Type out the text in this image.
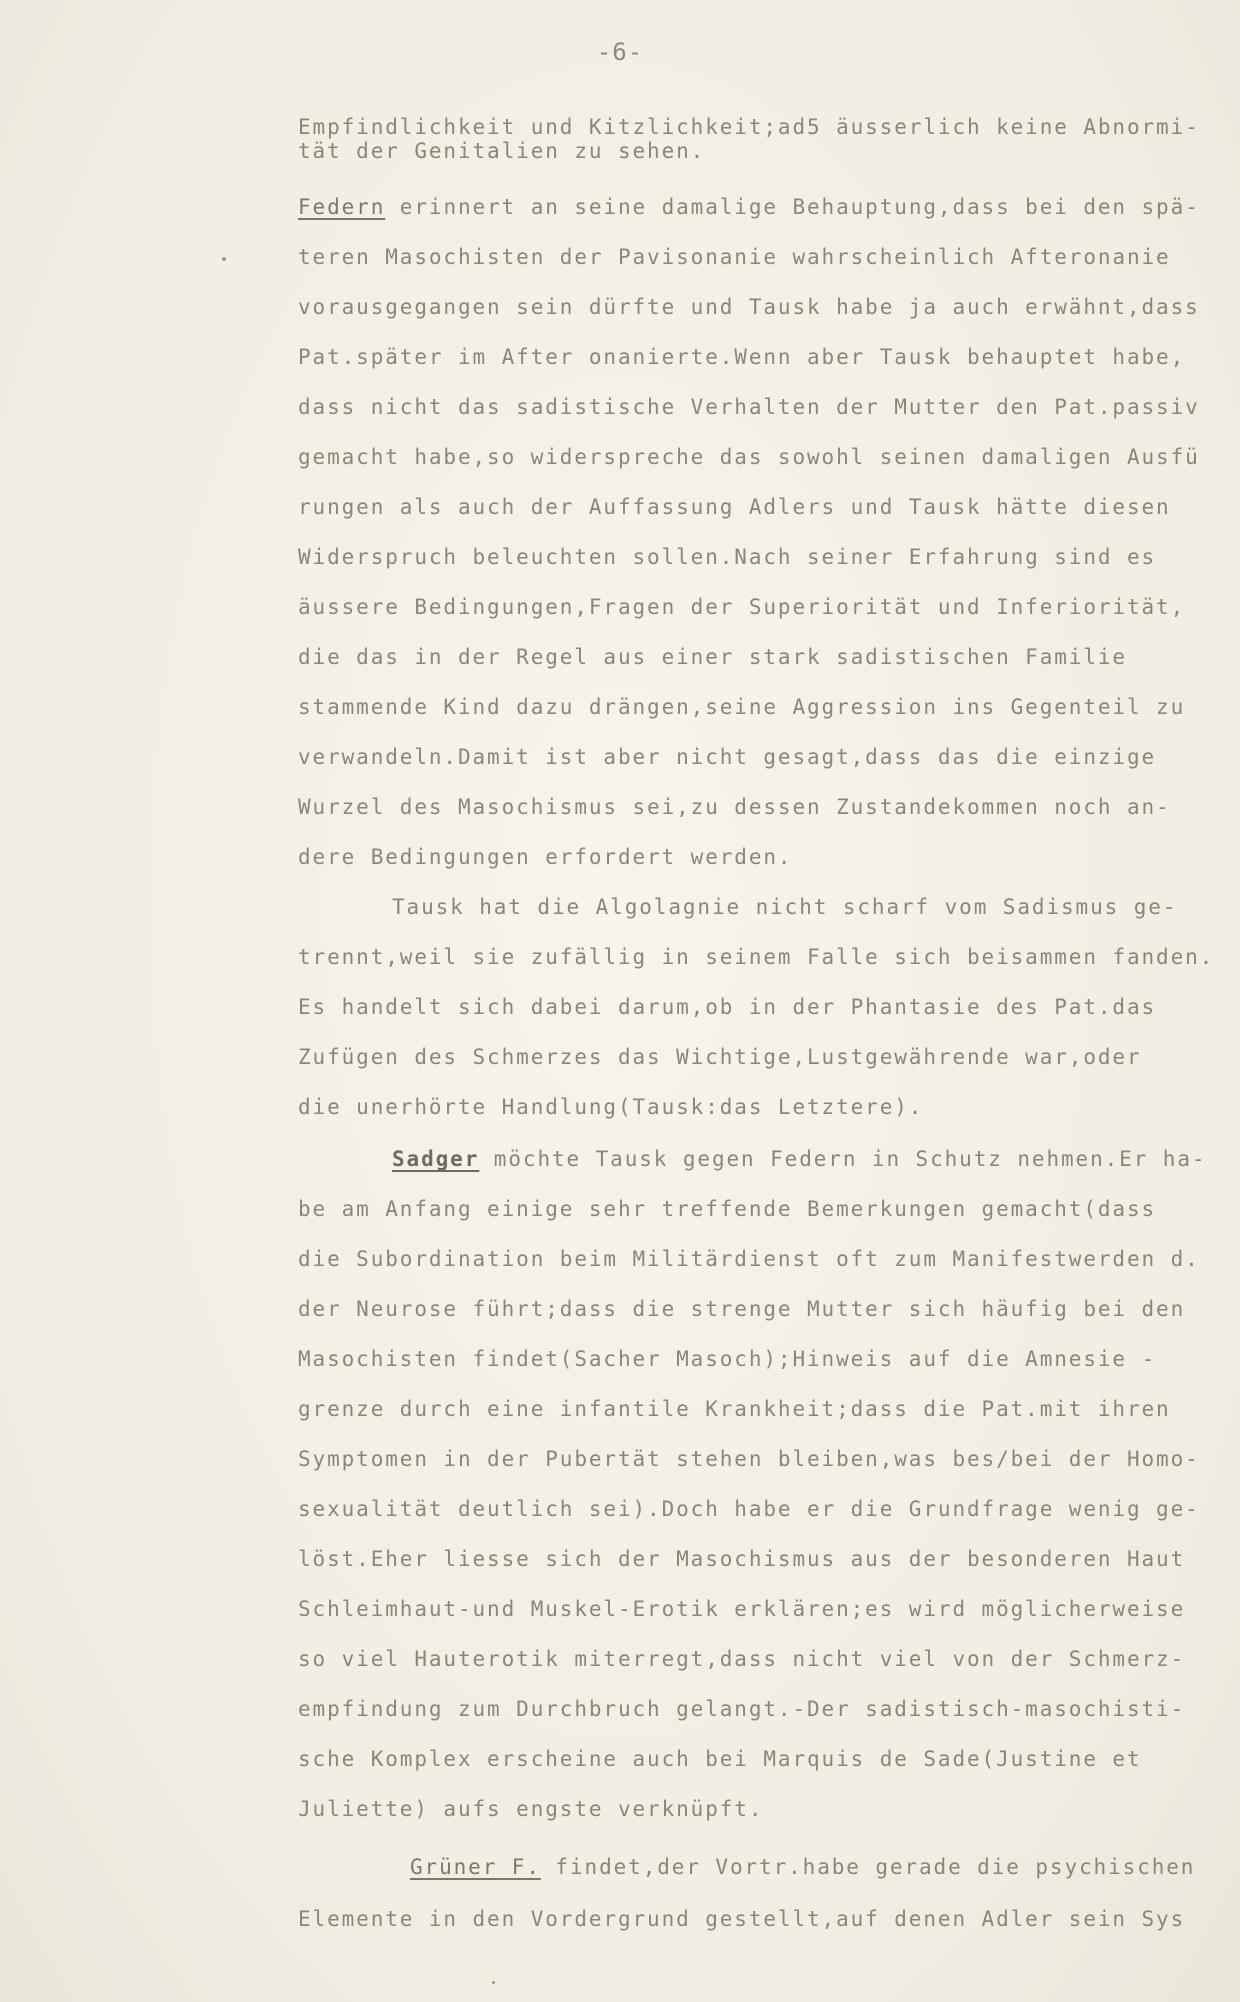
-6-
Empfindlichkeit und Kitzlichkeit;ad5 äusserlich keine Abnormi-
tät der Genitalien zu sehen.
Federn erinnert an seine damalige Behauptung,dass bei den spä-
teren Masochisten der Pavisonanie wahrscheinlich Afteronanie
vorausgegangen sein dürfte und Tausk habe ja auch erwähnt,dass
Pat.später im After onanierte.Wenn aber Tausk behauptet habe,
dass nicht das sadistische Verhalten der Mutter den Pat.passiv
gemacht habe,so widerspreche das sowohl seinen damaligen Ausfü
rungen als auch der Auffassung Adlers und Tausk hätte diesen
Widerspruch beleuchten sollen.Nach seiner Erfahrung sind es
äussere Bedingungen,Fragen der Superiorität und Inferiorität,
die das in der Regel aus einer stark sadistischen Familie
stammende Kind dazu drängen,seine Aggression ins Gegenteil zu
verwandeln.Damit ist aber nicht gesagt,dass das die einzige
Wurzel des Masochismus sei,zu dessen Zustandekommen noch an-
dere Bedingungen erfordert werden.
Tausk hat die Algolagnie nicht scharf vom Sadismus ge-
trennt,weil sie zufällig in seinem Falle sich beisammen fanden.
Es handelt sich dabei darum,ob in der Phantasie des Pat.das
Zufügen des Schmerzes das Wichtige,Lustgewährende war,oder
die unerhörte Handlung(Tausk:das Letztere).
Sadger möchte Tausk gegen Federn in Schutz nehmen.Er ha-
be am Anfang einige sehr treffende Bemerkungen gemacht(dass
die Subordination beim Militärdienst oft zum Manifestwerden d.
der Neurose führt;dass die strenge Mutter sich häufig bei den
Masochisten findet(Sacher Masoch);Hinweis auf die Amnesie -
grenze durch eine infantile Krankheit;dass die Pat.mit ihren
Symptomen in der Pubertät stehen bleiben,was bes/bei der Homo-
sexualität deutlich sei).Doch habe er die Grundfrage wenig ge-
löst.Eher liesse sich der Masochismus aus der besonderen Haut
Schleimhaut-und Muskel-Erotik erklären;es wird möglicherweise
so viel Hauterotik miterregt,dass nicht viel von der Schmerz-
empfindung zum Durchbruch gelangt.-Der sadistisch-masochisti-
sche Komplex erscheine auch bei Marquis de Sade(Justine et
Juliette) aufs engste verknüpft.
Grüner F. findet,der Vortr.habe gerade die psychischen
Elemente in den Vordergrund gestellt,auf denen Adler sein Sys
